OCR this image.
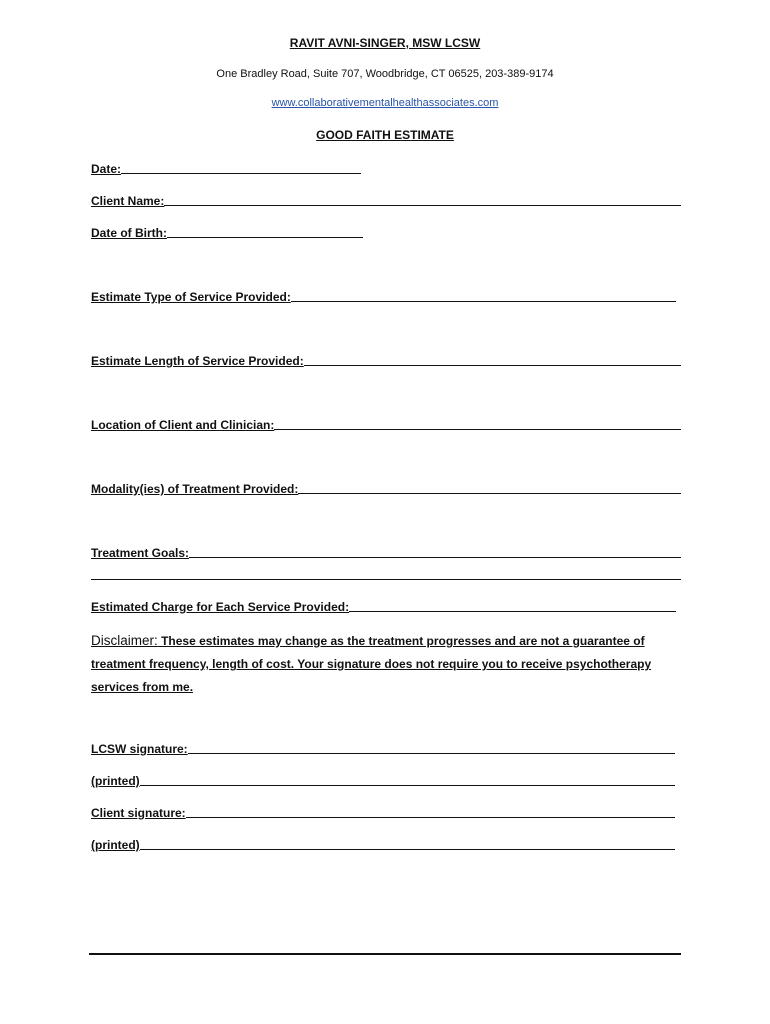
RAVIT AVNI-SINGER, MSW LCSW
One Bradley Road, Suite 707, Woodbridge, CT 06525, 203-389-9174
www.collaborativementalhealthassociates.com
GOOD FAITH ESTIMATE
Date:
Client Name:
Date of Birth:
Estimate Type of Service Provided:
Estimate Length of Service Provided:
Location of Client and Clinician:
Modality(ies) of Treatment Provided:
Treatment Goals:
Estimated Charge for Each Service Provided:
Disclaimer: These estimates may change as the treatment progresses and are not a guarantee of treatment frequency, length of cost. Your signature does not require you to receive psychotherapy services from me.
LCSW signature:
(printed)
Client signature:
(printed)
